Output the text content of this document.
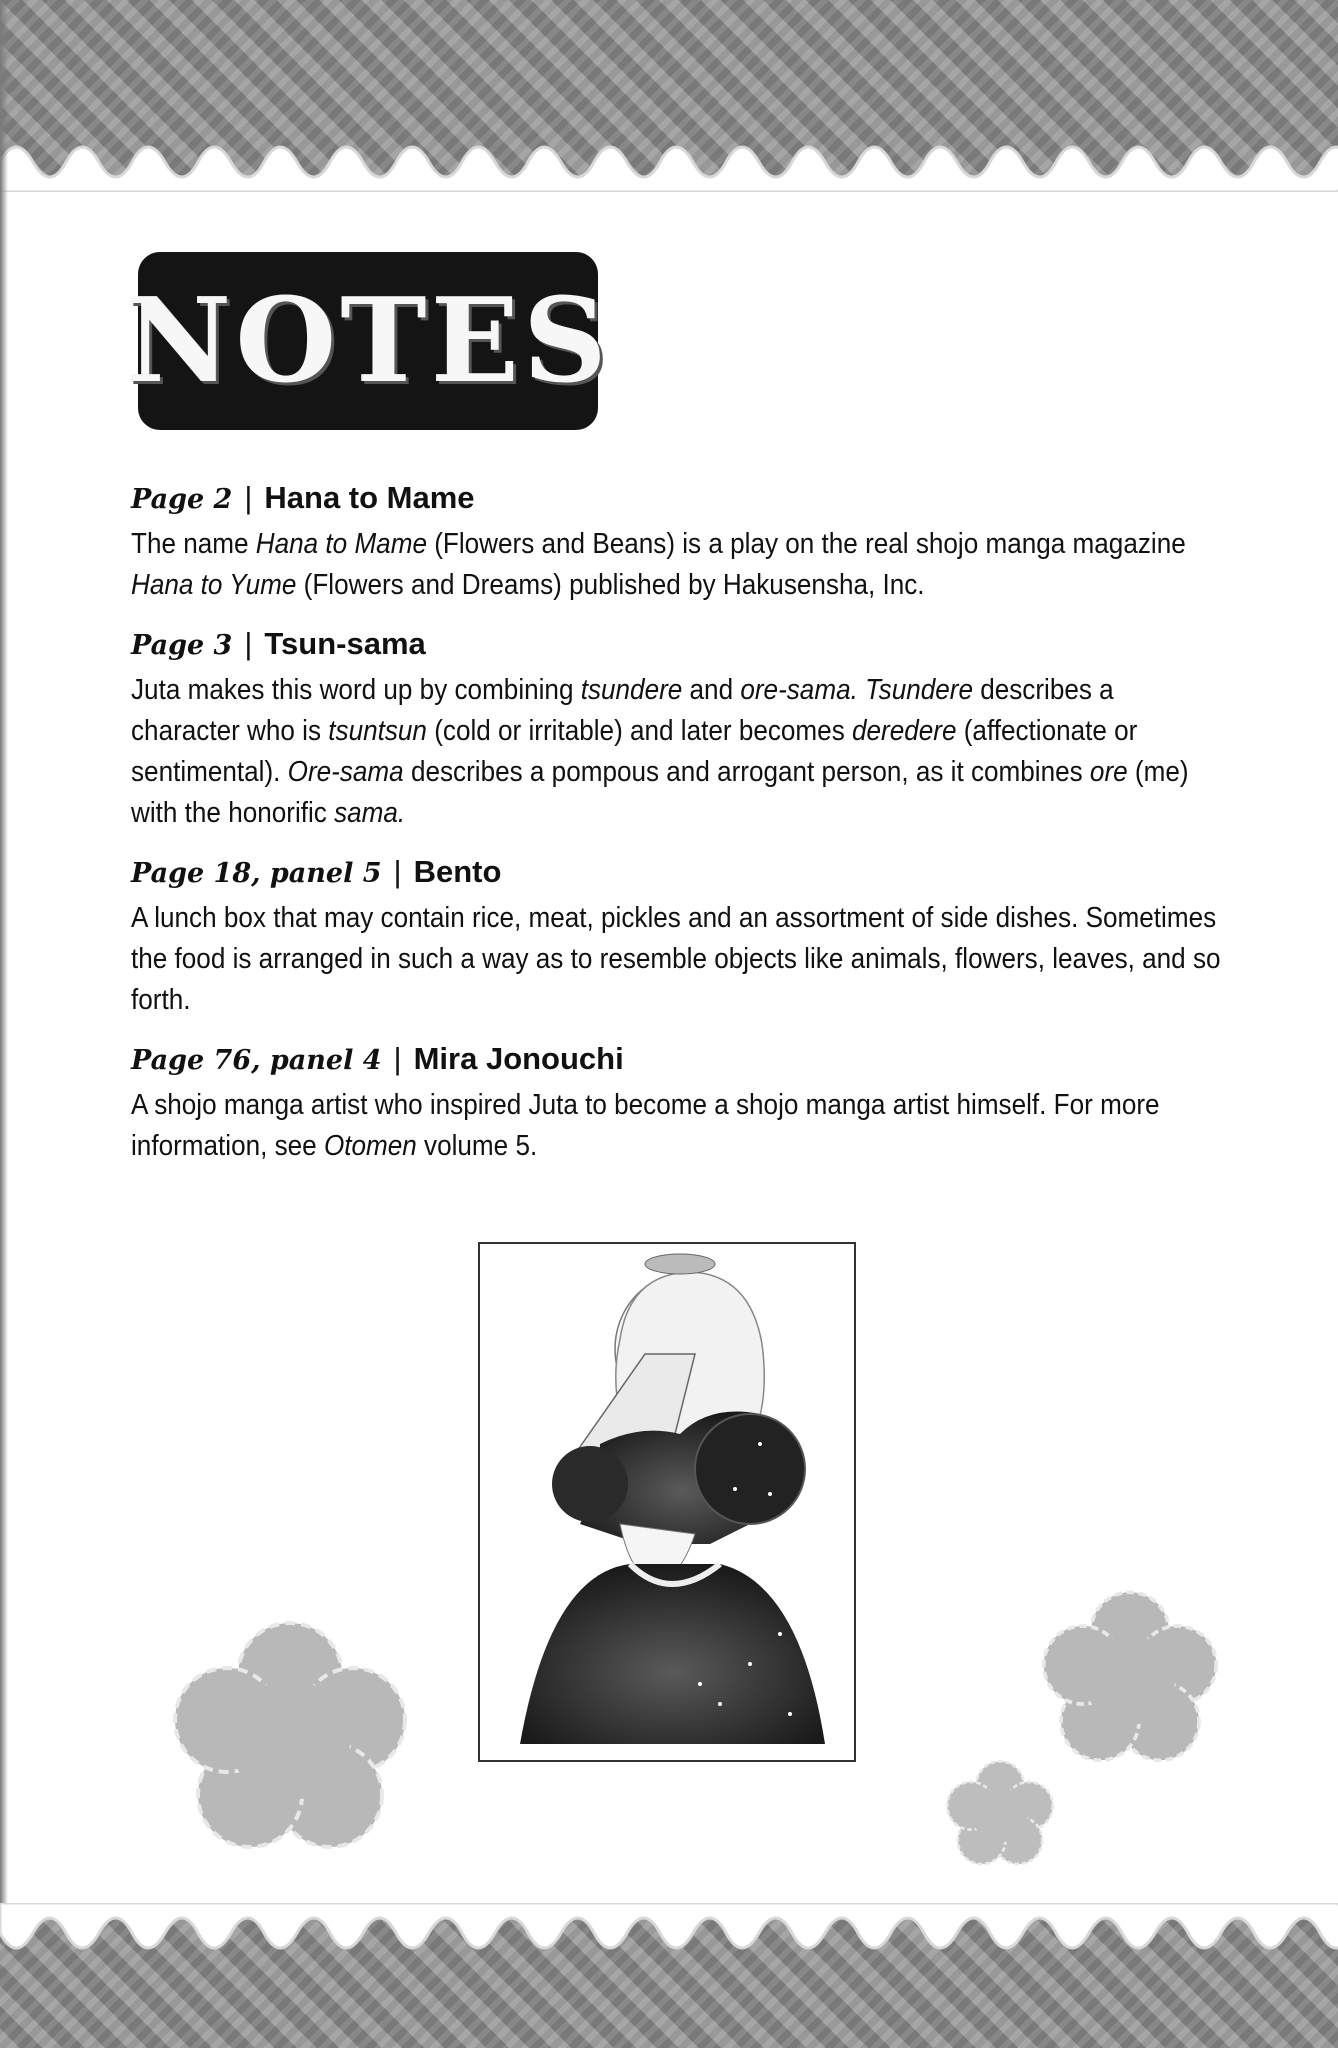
NOTES
Page 2 | Hana to Mame
The name Hana to Mame (Flowers and Beans) is a play on the real shojo manga magazine Hana to Yume (Flowers and Dreams) published by Hakusensha, Inc.
Page 3 | Tsun-sama
Juta makes this word up by combining tsundere and ore-sama. Tsundere describes a character who is tsuntsun (cold or irritable) and later becomes deredere (affectionate or sentimental). Ore-sama describes a pompous and arrogant person, as it combines ore (me) with the honorific sama.
Page 18, panel 5 | Bento
A lunch box that may contain rice, meat, pickles and an assortment of side dishes. Sometimes the food is arranged in such a way as to resemble objects like animals, flowers, leaves, and so forth.
Page 76, panel 4 | Mira Jonouchi
A shojo manga artist who inspired Juta to become a shojo manga artist himself. For more information, see Otomen volume 5.
